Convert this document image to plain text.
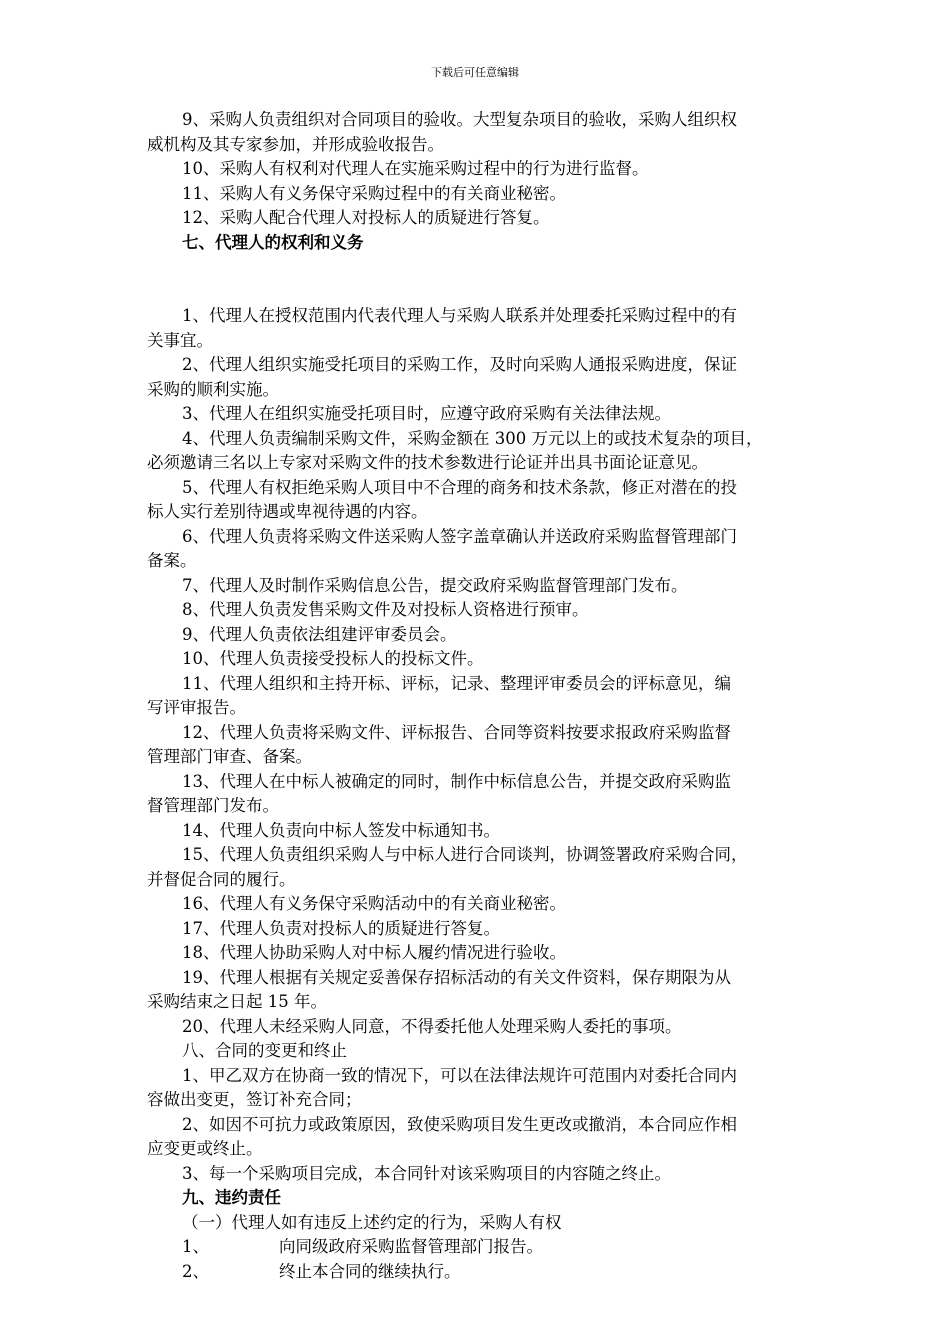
下载后可任意编辑
9、采购人负责组织对合同项目的验收。大型复杂项目的验收，采购人组织权
威机构及其专家参加，并形成验收报告。
10、采购人有权利对代理人在实施采购过程中的行为进行监督。
11、采购人有义务保守采购过程中的有关商业秘密。
12、采购人配合代理人对投标人的质疑进行答复。
七、代理人的权利和义务
1、代理人在授权范围内代表代理人与采购人联系并处理委托采购过程中的有
关事宜。
2、代理人组织实施受托项目的采购工作，及时向采购人通报采购进度，保证
采购的顺利实施。
3、代理人在组织实施受托项目时，应遵守政府采购有关法律法规。
4、代理人负责编制采购文件，采购金额在 300 万元以上的或技术复杂的项目，
必须邀请三名以上专家对采购文件的技术参数进行论证并出具书面论证意见。
5、代理人有权拒绝采购人项目中不合理的商务和技术条款，修正对潜在的投
标人实行差别待遇或卑视待遇的内容。
6、代理人负责将采购文件送采购人签字盖章确认并送政府采购监督管理部门
备案。
7、代理人及时制作采购信息公告，提交政府采购监督管理部门发布。
8、代理人负责发售采购文件及对投标人资格进行预审。
9、代理人负责依法组建评审委员会。
10、代理人负责接受投标人的投标文件。
11、代理人组织和主持开标、评标，记录、整理评审委员会的评标意见，编
写评审报告。
12、代理人负责将采购文件、评标报告、合同等资料按要求报政府采购监督
管理部门审查、备案。
13、代理人在中标人被确定的同时，制作中标信息公告，并提交政府采购监
督管理部门发布。
14、代理人负责向中标人签发中标通知书。
15、代理人负责组织采购人与中标人进行合同谈判，协调签署政府采购合同，
并督促合同的履行。
16、代理人有义务保守采购活动中的有关商业秘密。
17、代理人负责对投标人的质疑进行答复。
18、代理人协助采购人对中标人履约情况进行验收。
19、代理人根据有关规定妥善保存招标活动的有关文件资料，保存期限为从
采购结束之日起 15 年。
20、代理人未经采购人同意，不得委托他人处理采购人委托的事项。
八、合同的变更和终止
1、甲乙双方在协商一致的情况下，可以在法律法规许可范围内对委托合同内
容做出变更，签订补充合同；
2、如因不可抗力或政策原因，致使采购项目发生更改或撤消，本合同应作相
应变更或终止。
3、每一个采购项目完成，本合同针对该采购项目的内容随之终止。
九、违约责任
（一）代理人如有违反上述约定的行为，采购人有权
1、	向同级政府采购监督管理部门报告。
2、	终止本合同的继续执行。
